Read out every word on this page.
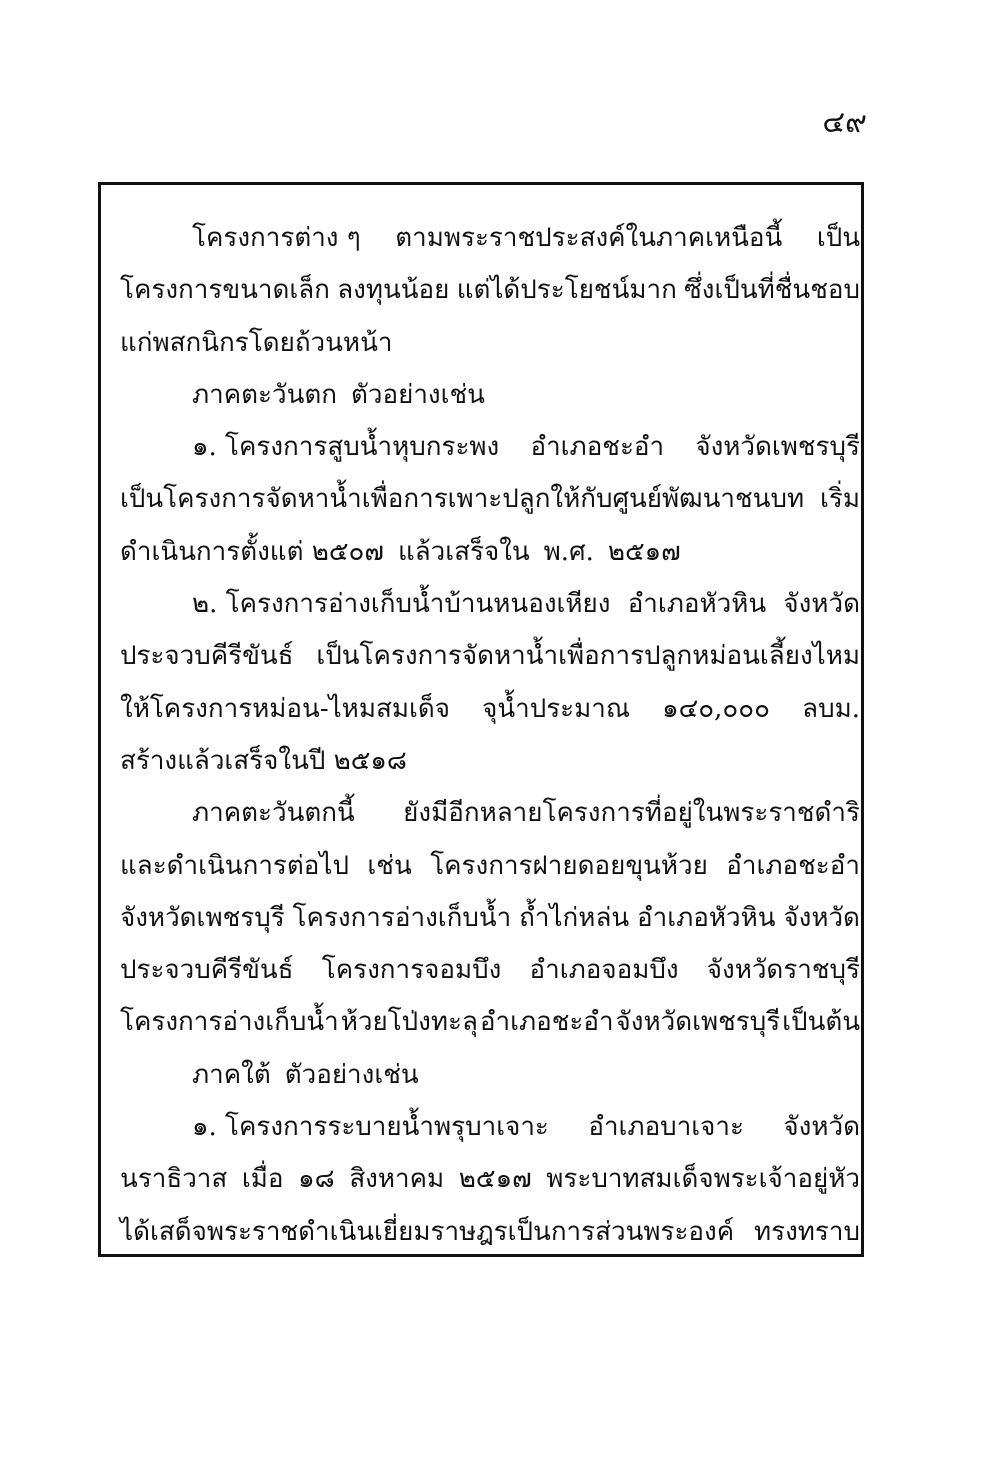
๔๙
โครงการต่าง ๆ ตามพระราชประสงค์ในภาคเหนือนี้ เป็น
โครงการขนาดเล็ก ลงทุนน้อย แต่ได้ประโยชน์มาก ซึ่งเป็นที่ชื่นชอบ
แก่พสกนิกรโดยถ้วนหน้า
ภาคตะวันตก ตัวอย่างเช่น
๑. โครงการสูบน้ำหุบกระพง อำเภอชะอำ จังหวัดเพชรบุรี
เป็นโครงการจัดหาน้ำเพื่อการเพาะปลูกให้กับศูนย์พัฒนาชนบท เริ่ม
ดำเนินการตั้งแต่ ๒๕๐๗ แล้วเสร็จใน พ.ศ. ๒๕๑๗
๒. โครงการอ่างเก็บน้ำบ้านหนองเหียง อำเภอหัวหิน จังหวัด
ประจวบคีรีขันธ์ เป็นโครงการจัดหาน้ำเพื่อการปลูกหม่อนเลี้ยงไหม
ให้โครงการหม่อน-ไหมสมเด็จ จุน้ำประมาณ ๑๔๐,๐๐๐ ลบม.
สร้างแล้วเสร็จในปี ๒๕๑๘
ภาคตะวันตกนี้ ยังมีอีกหลายโครงการที่อยู่ในพระราชดำริ
และดำเนินการต่อไป เช่น โครงการฝายดอยขุนห้วย อำเภอชะอำ
จังหวัดเพชรบุรี โครงการอ่างเก็บน้ำ ถ้ำไก่หล่น อำเภอหัวหิน จังหวัด
ประจวบคีรีขันธ์ โครงการจอมบึง อำเภอจอมบึง จังหวัดราชบุรี
โครงการอ่างเก็บน้ำ ห้วยโป่งทะลุ อำเภอชะอำ จังหวัดเพชรบุรี เป็นต้น
ภาคใต้ ตัวอย่างเช่น
๑. โครงการระบายน้ำพรุบาเจาะ อำเภอบาเจาะ จังหวัด
นราธิวาส เมื่อ ๑๘ สิงหาคม ๒๕๑๗ พระบาทสมเด็จพระเจ้าอยู่หัว
ได้เสด็จพระราชดำเนินเยี่ยมราษฎรเป็นการส่วนพระองค์ ทรงทราบ
